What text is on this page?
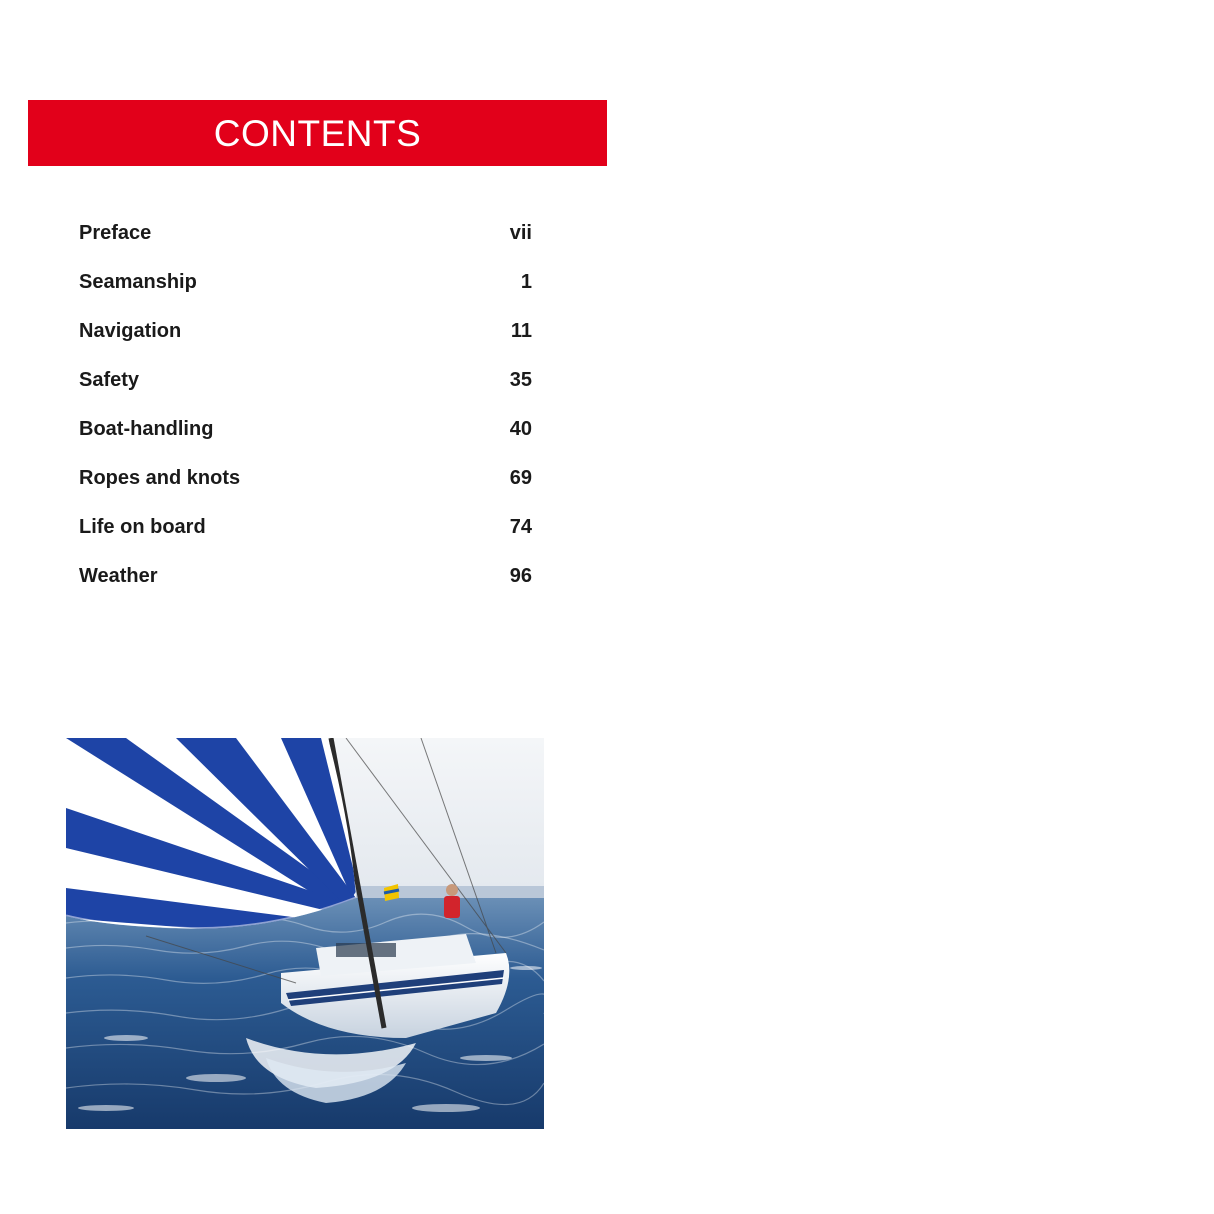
CONTENTS
Preface	vii
Seamanship	1
Navigation	11
Safety	35
Boat-handling	40
Ropes and knots	69
Life on board	74
Weather	96
